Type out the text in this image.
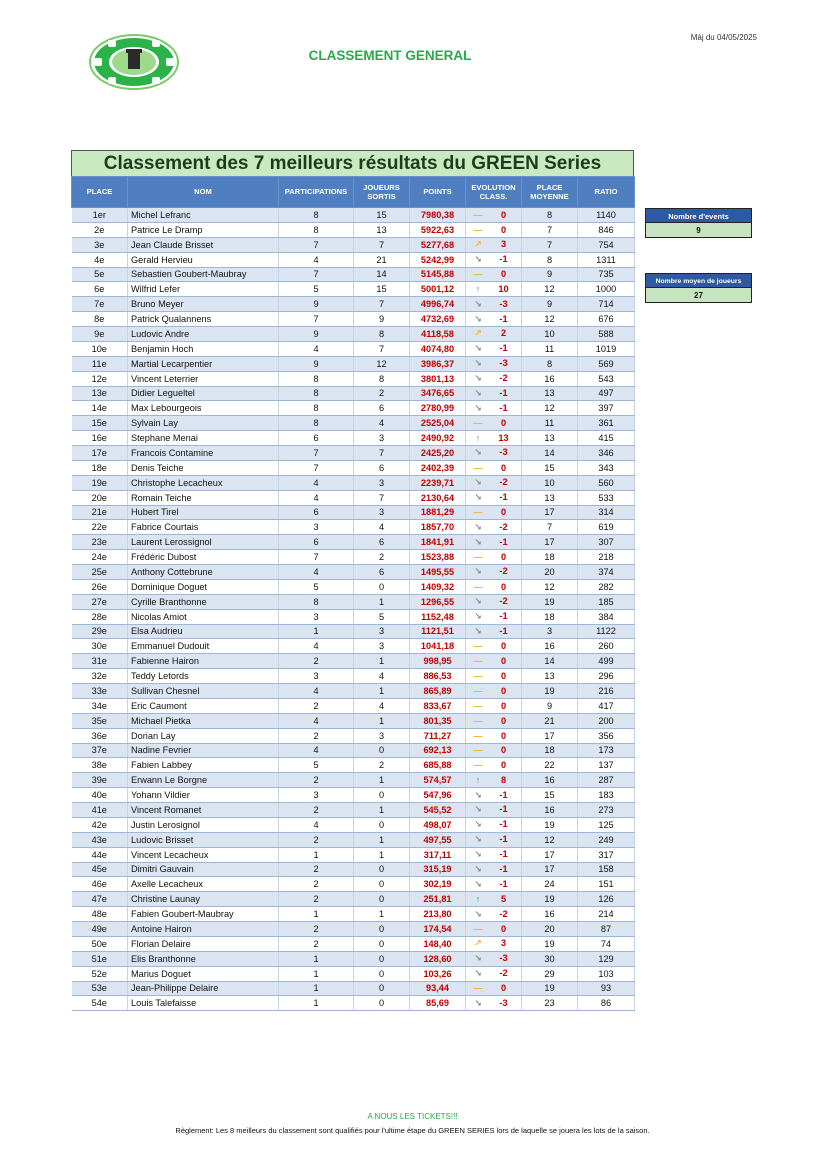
CLASSEMENT GENERAL
Màj du 04/05/2025
Classement des 7 meilleurs résultats du GREEN Series
PLACE	NOM	PARTICIPATIONS	JOUEURS SORTIS	POINTS	EVOLUTION CLASS.	PLACE MOYENNE	RATIO
1er	Michel Lefranc	8	15	7980,38	— 0	8	1140
2e	Patrice Le Dramp	8	13	5922,63	— 0	7	846
3e	Jean Claude Brisset	7	7	5277,68	↗ 3	7	754
4e	Gerald Hervieu	4	21	5242,99	↘ -1	8	1311
5e	Sebastien Goubert-Maubray	7	14	5145,88	— 0	9	735
6e	Wilfrid Lefer	5	15	5001,12	↑ 10	12	1000
7e	Bruno Meyer	9	7	4996,74	↘ -3	9	714
8e	Patrick Qualannens	7	9	4732,69	↘ -1	12	676
9e	Ludovic Andre	9	8	4118,58	↗ 2	10	588
10e	Benjamin Hoch	4	7	4074,80	↘ -1	11	1019
11e	Martial Lecarpentier	9	12	3986,37	↘ -3	8	569
12e	Vincent Leterrier	8	8	3801,13	↘ -2	16	543
13e	Didier Legueltel	8	2	3476,65	↘ -1	13	497
14e	Max Lebourgeois	8	6	2780,99	↘ -1	12	397
15e	Sylvain Lay	8	4	2525,04	— 0	11	361
16e	Stephane Menai	6	3	2490,92	↑ 13	13	415
17e	Francois Contamine	7	7	2425,20	↘ -3	14	346
18e	Denis Teiche	7	6	2402,39	— 0	15	343
19e	Christophe Lecacheux	4	3	2239,71	↘ -2	10	560
20e	Romain Teiche	4	7	2130,64	↘ -1	13	533
21e	Hubert Tirel	6	3	1881,29	— 0	17	314
22e	Fabrice Courtais	3	4	1857,70	↘ -2	7	619
23e	Laurent Lerossignol	6	6	1841,91	↘ -1	17	307
24e	Frédéric Dubost	7	2	1523,88	— 0	18	218
25e	Anthony Cottebrune	4	6	1495,55	↘ -2	20	374
26e	Dominique Doguet	5	0	1409,32	— 0	12	282
27e	Cyrille Branthonne	8	1	1296,55	↘ -2	19	185
28e	Nicolas Amiot	3	5	1152,48	↘ -1	18	384
29e	Elsa Audrieu	1	3	1121,51	↘ -1	3	1122
30e	Emmanuel Dudouit	4	3	1041,18	— 0	16	260
31e	Fabienne Hairon	2	1	998,95	— 0	14	499
32e	Teddy Letords	3	4	886,53	— 0	13	296
33e	Sullivan Chesnel	4	1	865,89	— 0	19	216
34e	Eric Caumont	2	4	833,67	— 0	9	417
35e	Michael Pietka	4	1	801,35	— 0	21	200
36e	Dorian Lay	2	3	711,27	— 0	17	356
37e	Nadine Fevrier	4	0	692,13	— 0	18	173
38e	Fabien Labbey	5	2	685,88	— 0	22	137
39e	Erwann Le Borgne	2	1	574,57	↑ 8	16	287
40e	Yohann Vildier	3	0	547,96	↘ -1	15	183
41e	Vincent Romanet	2	1	545,52	↘ -1	16	273
42e	Justin Lerosignol	4	0	498,07	↘ -1	19	125
43e	Ludovic Brisset	2	1	497,55	↘ -1	12	249
44e	Vincent Lecacheux	1	1	317,11	↘ -1	17	317
45e	Dimitri Gauvain	2	0	315,19	↘ -1	17	158
46e	Axelle Lecacheux	2	0	302,19	↘ -1	24	151
47e	Christine Launay	2	0	251,81	↑ 5	19	126
48e	Fabien Goubert-Maubray	1	1	213,80	↘ -2	16	214
49e	Antoine Hairon	2	0	174,54	— 0	20	87
50e	Florian Delaire	2	0	148,40	↗ 3	19	74
51e	Elis Branthonne	1	0	128,60	↘ -3	30	129
52e	Marius Doguet	1	0	103,26	↘ -2	29	103
53e	Jean-Philippe Delaire	1	0	93,44	— 0	19	93
54e	Louis Talefaisse	1	0	85,69	↘ -3	23	86
Nombre d'events
9
Nombre moyen de joueurs
27
A NOUS LES TICKETS!!!
Règlement: Les 8 meilleurs du classement sont qualifiés pour l'ultime étape du GREEN SERIES lors de laquelle se jouera les lots de la saison.
